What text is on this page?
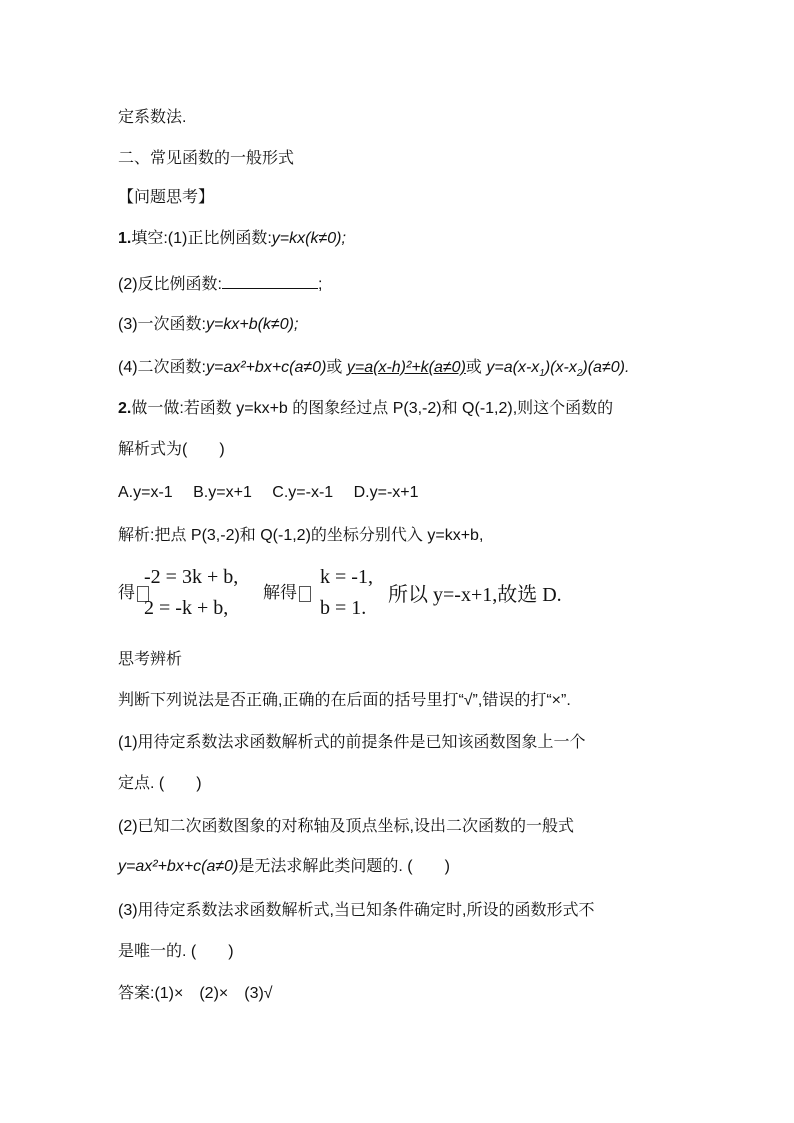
定系数法.
二、常见函数的一般形式
【问题思考】
1.填空:(1)正比例函数:y=kx(k≠0);
(2)反比例函数:	;
(3)一次函数:y=kx+b(k≠0);
(4)二次函数:y=ax²+bx+c(a≠0)或 y=a(x-h)²+k(a≠0)或 $y=a(x-x_1)(x-x_2)(a\ne 0)$.
2.做一做:若函数 y=kx+b 的图象经过点 P(3,-2)和 Q(-1,2),则这个函数的
解析式为(　　)
A.y=x-1　 B.y=x+1　 C.y=-x-1　 D.y=-x+1
解析:把点 P(3,-2)和 Q(-1,2)的坐标分别代入 y=kx+b,
得
-2 = 3k + b,
2 = -k + b,
解得
k = -1,
b = 1.
所以 y=-x+1,故选 D.
思考辨析
判断下列说法是否正确,正确的在后面的括号里打“√”,错误的打“×”.
(1)用待定系数法求函数解析式的前提条件是已知该函数图象上一个
定点. (　　)
(2)已知二次函数图象的对称轴及顶点坐标,设出二次函数的一般式
y=ax²+bx+c(a≠0)是无法求解此类问题的. (　　)
(3)用待定系数法求函数解析式,当已知条件确定时,所设的函数形式不
是唯一的. (　　)
答案:(1)×　(2)×　(3)√
